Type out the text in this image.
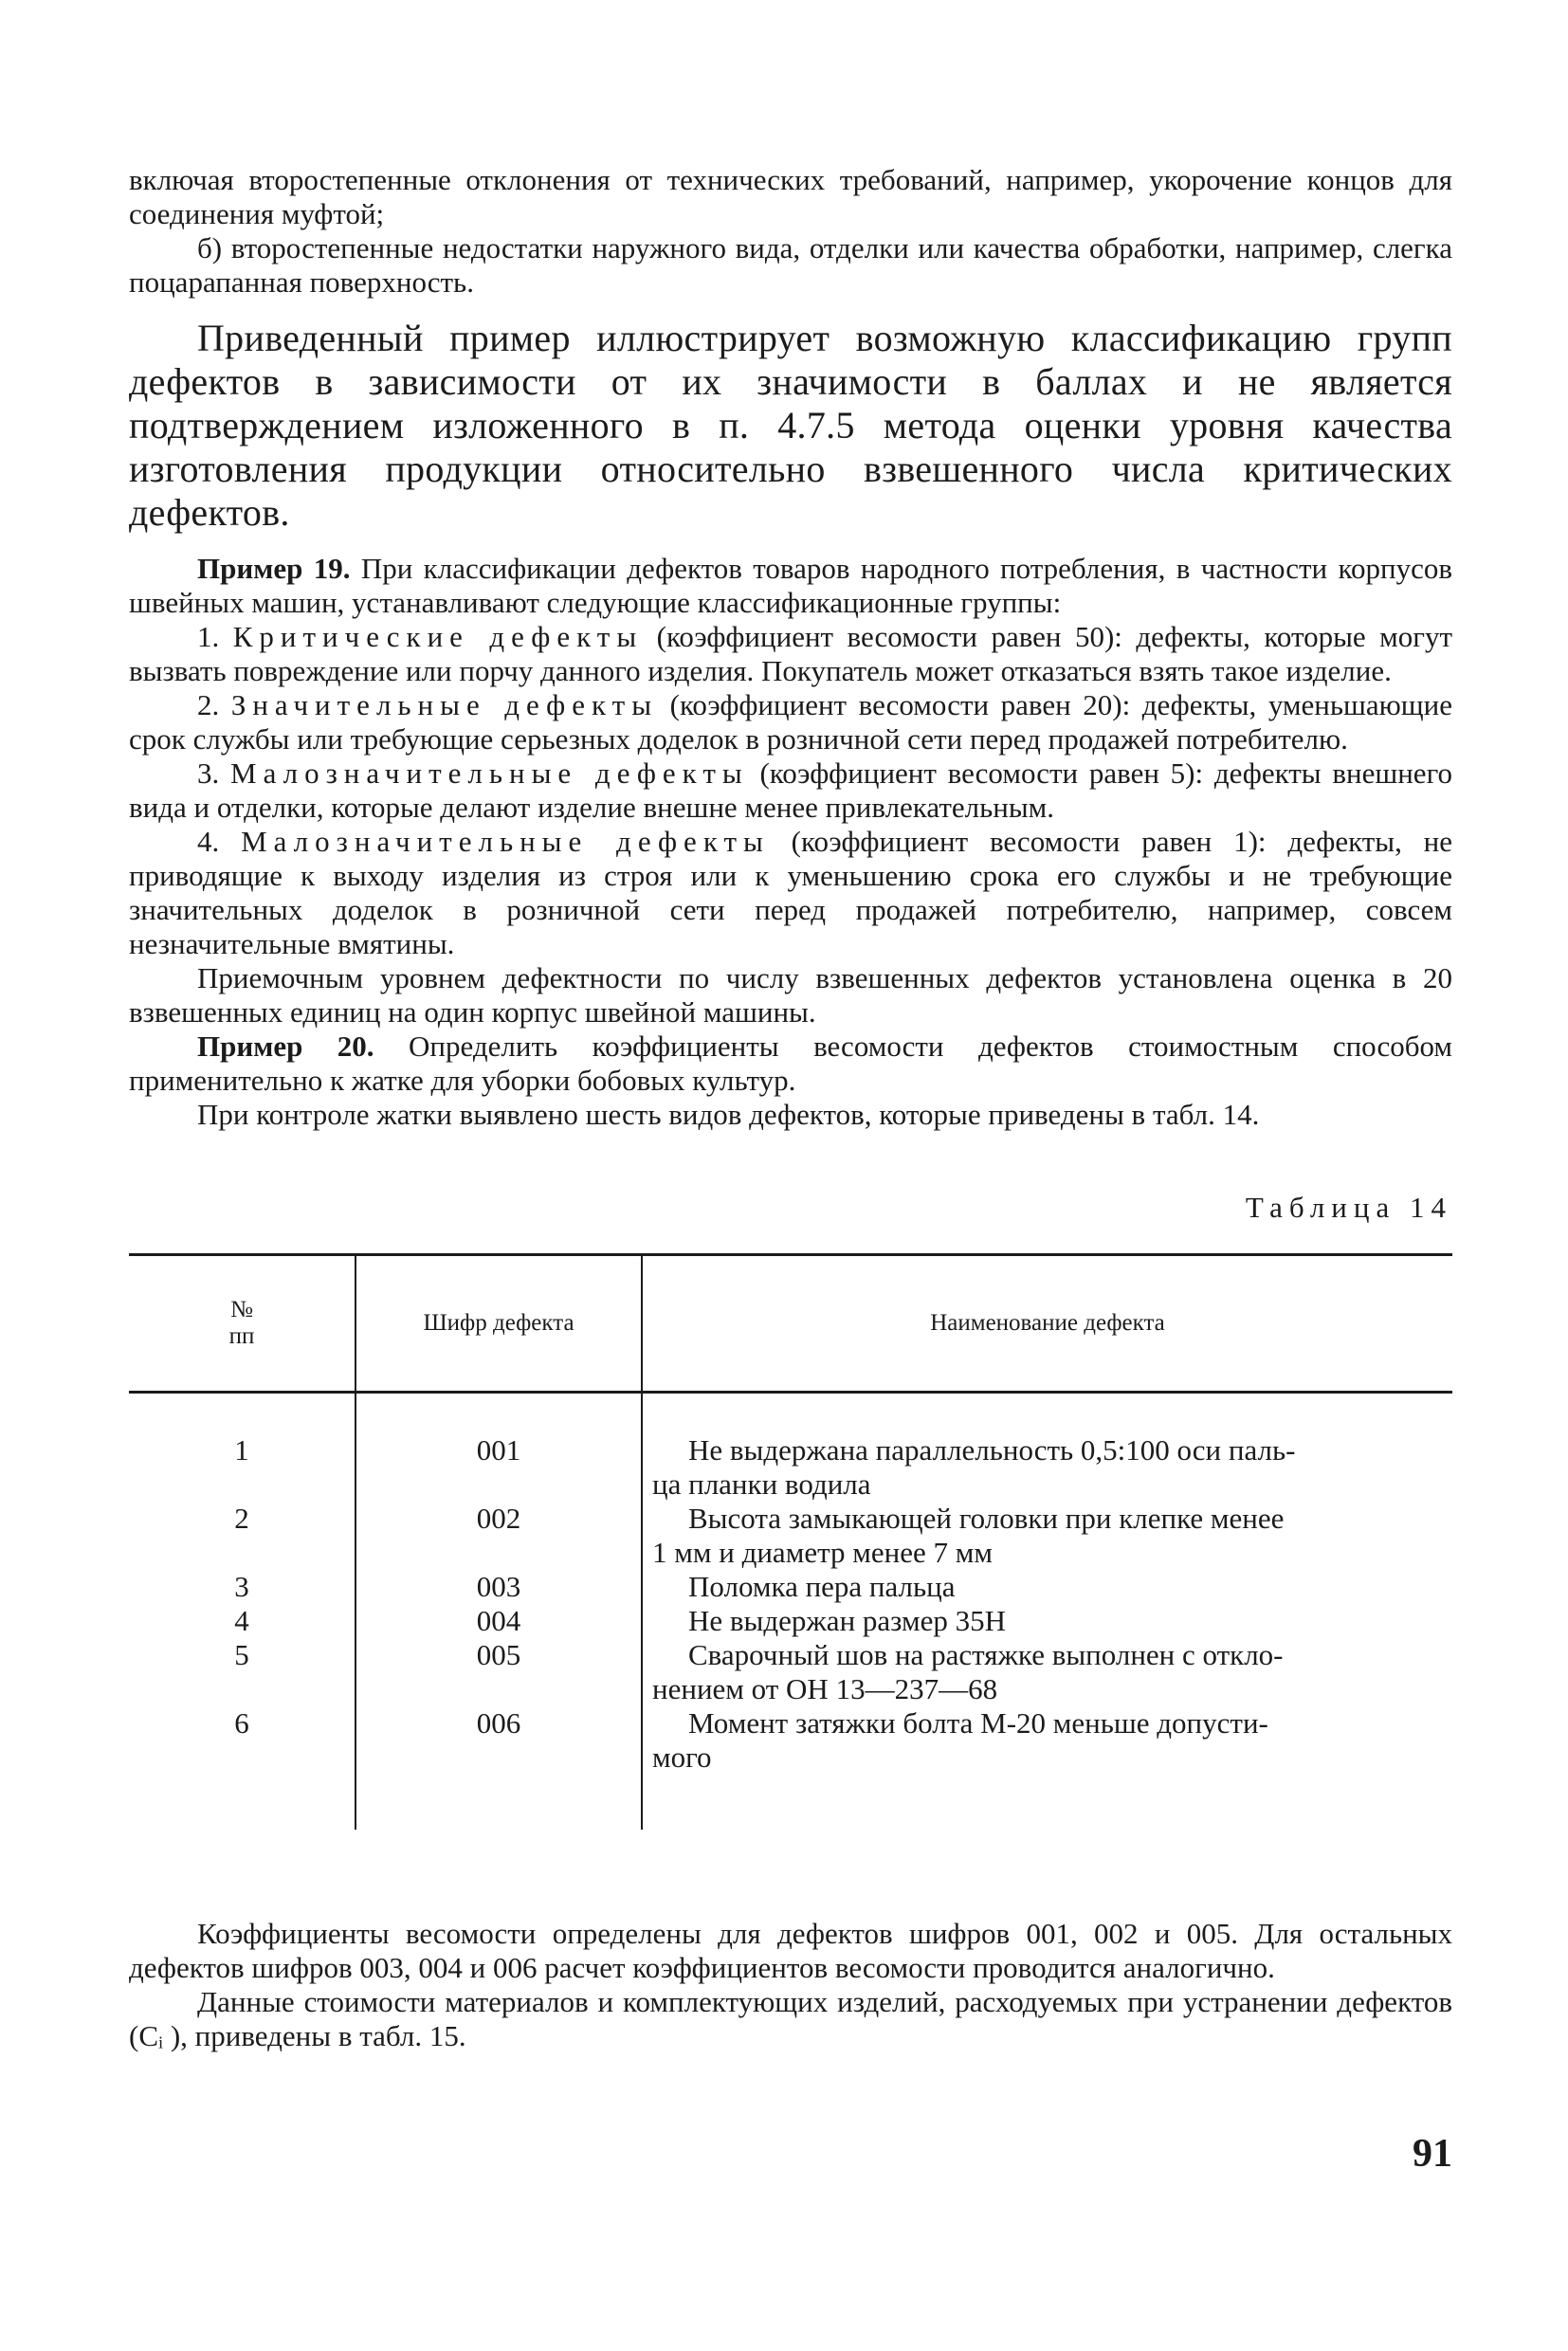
включая второстепенные отклонения от технических требований, например, укорочение концов для соединения муфтой;

б) второстепенные недостатки наружного вида, отделки или качества обработки, например, слегка поцарапанная поверхность.

Приведенный пример иллюстрирует возможную классификацию групп дефектов в зависимости от их значимости в баллах и не является подтверждением изложенного в п. 4.7.5 метода оценки уровня качества изготовления продукции относительно взвешенного числа критических дефектов.

Пример 19. При классификации дефектов товаров народного потребления, в частности корпусов швейных машин, устанавливают следующие классификационные группы:

1. Критические дефекты (коэффициент весомости равен 50): дефекты, которые могут вызвать повреждение или порчу данного изделия. Покупатель может отказаться взять такое изделие.

2. Значительные дефекты (коэффициент весомости равен 20): дефекты, уменьшающие срок службы или требующие серьезных доделок в розничной сети перед продажей потребителю.

3. Малозначительные дефекты (коэффициент весомости равен 5): дефекты внешнего вида и отделки, которые делают изделие внешне менее привлекательным.

4. Малозначительные дефекты (коэффициент весомости равен 1): дефекты, не приводящие к выходу изделия из строя или к уменьшению срока его службы и не требующие значительных доделок в розничной сети перед продажей потребителю, например, совсем незначительные вмятины.

Приемочным уровнем дефектности по числу взвешенных дефектов установлена оценка в 20 взвешенных единиц на один корпус швейной машины.

Пример 20. Определить коэффициенты весомости дефектов стоимостным способом применительно к жатке для уборки бобовых культур.

При контроле жатки выявлено шесть видов дефектов, которые приведены в табл. 14.

Таблица 14
№
пп	Шифр дефекта	Наименование дефекта
1	001	Не выдержана параллельность 0,5:100 оси паль-
ца планки водила

2	002	Высота замыкающей головки при клепке менее
1 мм и диаметр менее 7 мм

3	003	Поломка пера пальца

4	004	Не выдержан размер 35Н

5	005	Сварочный шов на растяжке выполнен с откло-
нением от ОН 13—237—68

6	006	Момент затяжки болта М-20 меньше допусти-
мого

Коэффициенты весомости определены для дефектов шифров 001, 002 и 005. Для остальных дефектов шифров 003, 004 и 006 расчет коэффициентов весомости проводится аналогично.

Данные стоимости материалов и комплектующих изделий, расходуемых при устранении дефектов (Cᵢ ), приведены в табл. 15.

91
